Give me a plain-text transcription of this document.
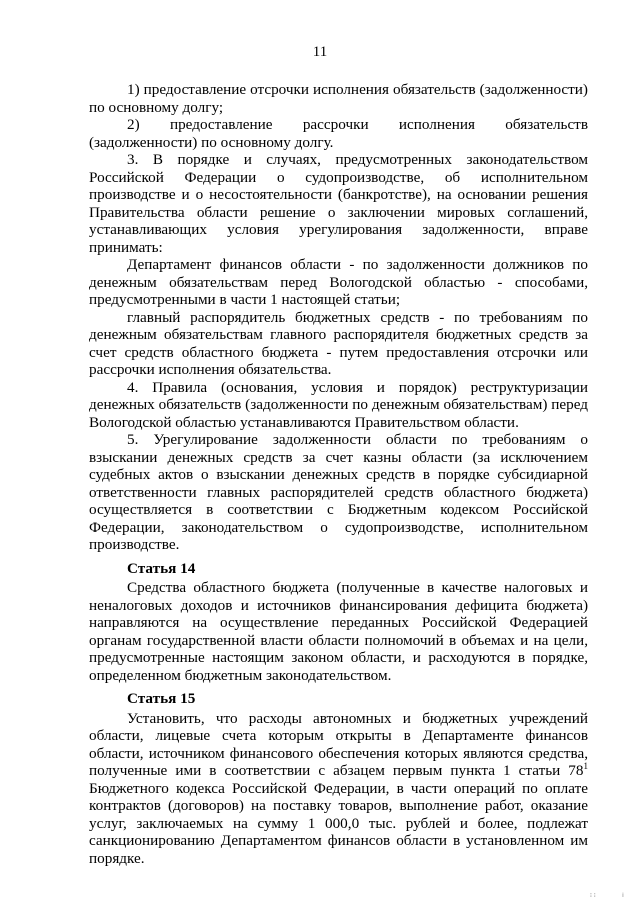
11

1) предоставление отсрочки исполнения обязательств (задолженности) по основному долгу;

2) предоставление рассрочки исполнения обязательств (задолженности) по основному долгу.

3. В порядке и случаях, предусмотренных законодательством Российской Федерации о судопроизводстве, об исполнительном производстве и о несостоятельности (банкротстве), на основании решения Правительства области решение о заключении мировых соглашений, устанавливающих условия урегулирования задолженности, вправе принимать:

Департамент финансов области - по задолженности должников по денежным обязательствам перед Вологодской областью - способами, предусмотренными в части 1 настоящей статьи;

главный распорядитель бюджетных средств - по требованиям по денежным обязательствам главного распорядителя бюджетных средств за счет средств областного бюджета - путем предоставления отсрочки или рассрочки исполнения обязательства.

4. Правила (основания, условия и порядок) реструктуризации денежных обязательств (задолженности по денежным обязательствам) перед Вологодской областью устанавливаются Правительством области.

5. Урегулирование задолженности области по требованиям о взыскании денежных средств за счет казны области (за исключением судебных актов о взыскании денежных средств в порядке субсидиарной ответственности главных распорядителей средств областного бюджета) осуществляется в соответствии с Бюджетным кодексом Российской Федерации, законодательством о судопроизводстве, исполнительном производстве.

Статья 14

Средства областного бюджета (полученные в качестве налоговых и неналоговых доходов и источников финансирования дефицита бюджета) направляются на осуществление переданных Российской Федерацией органам государственной власти области полномочий в объемах и на цели, предусмотренные настоящим законом области, и расходуются в порядке, определенном бюджетным законодательством.

Статья 15

Установить, что расходы автономных и бюджетных учреждений области, лицевые счета которым открыты в Департаменте финансов области, источником финансового обеспечения которых являются средства, полученные ими в соответствии с абзацем первым пункта 1 статьи $78^1$ Бюджетного кодекса Российской Федерации, в части операций по оплате контрактов (договоров) на поставку товаров, выполнение работ, оказание услуг, заключаемых на сумму 1 000,0 тыс. рублей и более, подлежат санкционированию Департаментом финансов области в установленном им порядке.

⁝ ⁝	⁞
